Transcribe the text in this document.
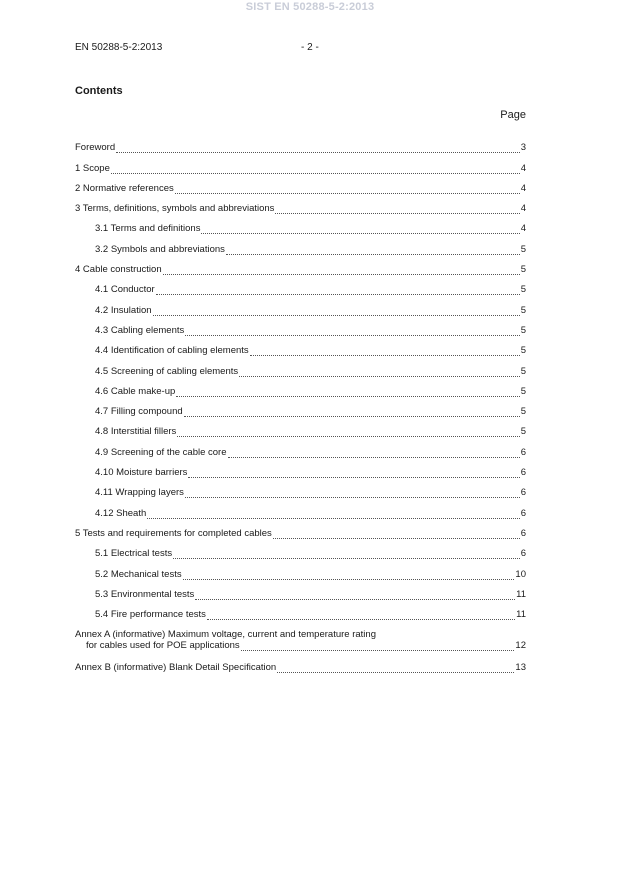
SIST EN 50288-5-2:2013
EN 50288-5-2:2013	- 2 -
Contents
Page
Foreword	3
1 Scope	4
2 Normative references	4
3 Terms, definitions, symbols and abbreviations	4
3.1 Terms and definitions	4
3.2 Symbols and abbreviations	5
4 Cable construction	5
4.1 Conductor	5
4.2 Insulation	5
4.3 Cabling elements	5
4.4 Identification of cabling elements	5
4.5 Screening of cabling elements	5
4.6 Cable make-up	5
4.7 Filling compound	5
4.8 Interstitial fillers	5
4.9 Screening of the cable core	6
4.10 Moisture barriers	6
4.11 Wrapping layers	6
4.12 Sheath	6
5 Tests and requirements for completed cables	6
5.1 Electrical tests	6
5.2 Mechanical tests	10
5.3 Environmental tests	11
5.4 Fire performance tests	11
Annex A (informative) Maximum voltage, current and temperature rating
for cables used for POE applications	12
Annex B (informative) Blank Detail Specification	13
